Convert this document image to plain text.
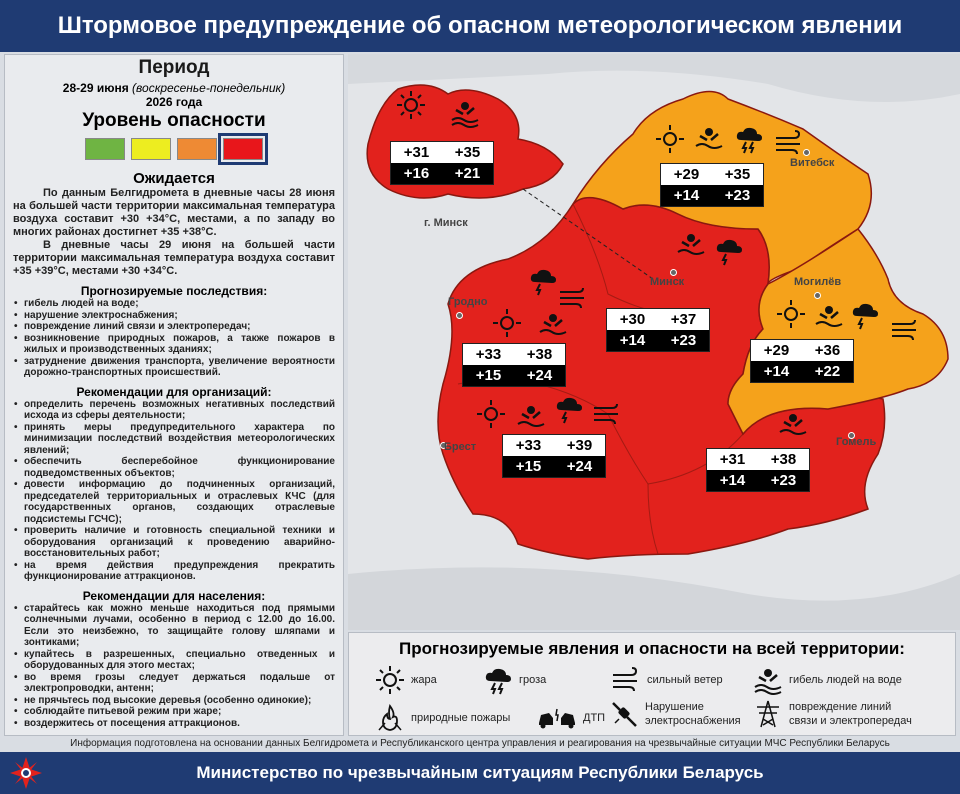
Штормовое предупреждение об опасном метеорологическом явлении
Период
28-29 июня (воскресенье-понедельник)
2026 года
Уровень опасности
Ожидается

По данным Белгидромета в дневные часы 28 июня на большей части территории максимальная температура воздуха составит +30 +34°С, местами, а по западу во многих районах достигнет +35 +38°С.

В дневные часы 29 июня на большей части территории максимальная температура воздуха составит +35 +39°С, местами +30 +34°С.

Прогнозируемые последствия:
• гибель людей на воде;
• нарушение электроснабжения;
• повреждение линий связи и электропередач;
• возникновение природных пожаров, а также пожаров в жилых и производственных зданиях;
• затруднение движения транспорта, увеличение вероятности дорожно-транспортных происшествий.
Рекомендации для организаций:
• определить перечень возможных негативных последствий исхода из сферы деятельности;
• принять меры предупредительного характера по минимизации последствий воздействия метеорологических явлений;
• обеспечить бесперебойное функционирование подведомственных объектов;
• довести информацию до подчиненных организаций, председателей территориальных и отраслевых КЧС (для государственных органов, создающих отраслевые подсистемы ГСЧС);
• проверить наличие и готовность специальной техники и оборудования организаций к проведению аварийно-восстановительных работ;
• на время действия предупреждения прекратить функционирование аттракционов.
Рекомендации для населения:
• старайтесь как можно меньше находиться под прямыми солнечными лучами, особенно в период с 12.00 до 16.00. Если это неизбежно, то защищайте голову шляпами и зонтиками;
• купайтесь в разрешенных, специально отведенных и оборудованных для этого местах;
• во время грозы следует держаться подальше от электропроводки, антенн;
• не прячьтесь под высокие деревья (особенно одинокие);
• соблюдайте питьевой режим при жаре;
• воздержитесь от посещения аттракционов.
Витебск
Минск
г. Минск
Могилёв
Гродно
Брест	Гомель
+31 +35
+16 +21	+29 +35
+14 +23
+30 +37
+14 +23
+33 +38
+15 +24
+29 +36
+14 +22
+33 +39
+15 +24	+31 +38
+14 +23
Прогнозируемые явления и опасности на всей территории:
жара	гроза	сильный ветер	гибель людей на воде
природные пожары	ДТП
Нарушение
электроснабжения
повреждение линий
связи и электропередач
Информация подготовлена на основании данных Белгидромета и Республиканского центра управления и реагирования на чрезвычайные ситуации МЧС Республики Беларусь
Министерство по чрезвычайным ситуациям Республики Беларусь
